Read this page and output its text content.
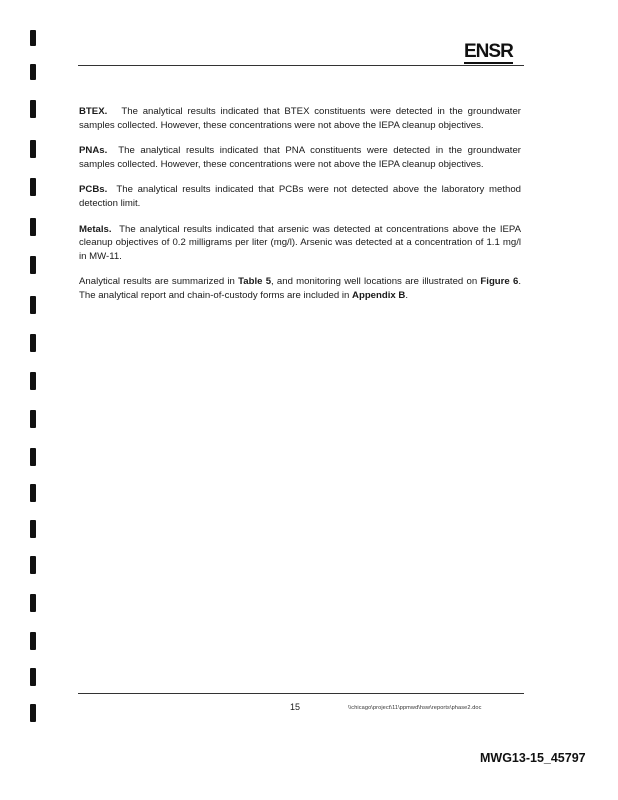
ENSR

BTEX. The analytical results indicated that BTEX constituents were detected in the groundwater samples collected. However, these concentrations were not above the IEPA cleanup objectives.

PNAs. The analytical results indicated that PNA constituents were detected in the groundwater samples collected. However, these concentrations were not above the IEPA cleanup objectives.

PCBs. The analytical results indicated that PCBs were not detected above the laboratory method detection limit.

Metals. The analytical results indicated that arsenic was detected at concentrations above the IEPA cleanup objectives of 0.2 milligrams per liter (mg/l). Arsenic was detected at a concentration of 1.1 mg/l in MW-11.

Analytical results are summarized in Table 5, and monitoring well locations are illustrated on Figure 6. The analytical report and chain-of-custody forms are included in Appendix B.

15	\\chicago\project\11\ppmwd\hsw\reports\phase2.doc
MWG13-15_45797
